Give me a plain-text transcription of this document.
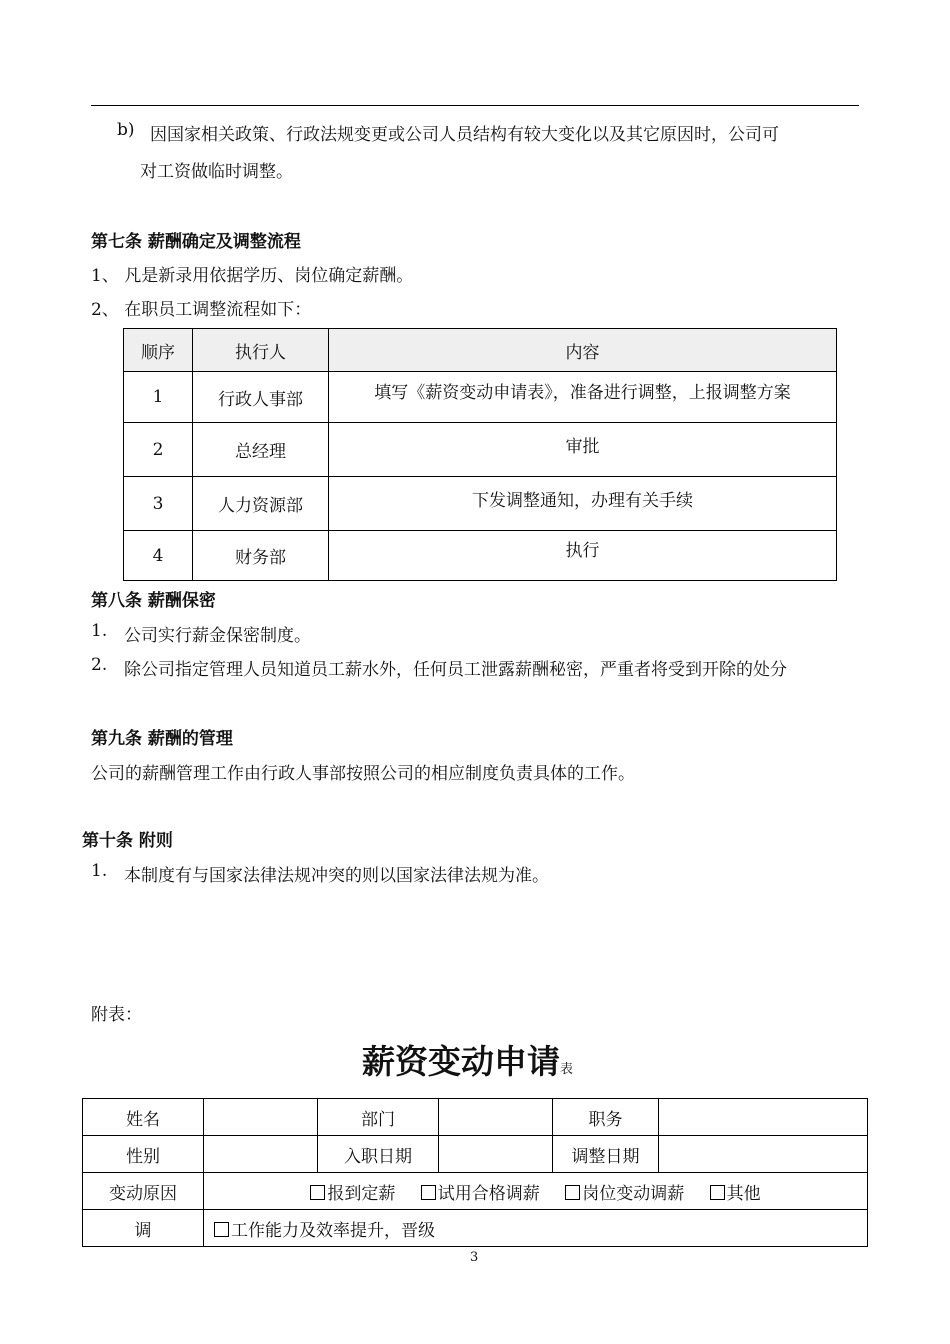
b) 因国家相关政策、行政法规变更或公司人员结构有较大变化以及其它原因时，公司可
对工资做临时调整。
第七条 薪酬确定及调整流程
1、 凡是新录用依据学历、岗位确定薪酬。
2、 在职员工调整流程如下：
顺序	执行人	内容
1	行政人事部	填写《薪资变动申请表》，准备进行调整，上报调整方案
2	总经理	审批
3	人力资源部	下发调整通知，办理有关手续
4	财务部	执行
第八条 薪酬保密
1. 公司实行薪金保密制度。
2. 除公司指定管理人员知道员工薪水外，任何员工泄露薪酬秘密，严重者将受到开除的处分
第九条 薪酬的管理
公司的薪酬管理工作由行政人事部按照公司的相应制度负责具体的工作。
第十条 附则
1. 本制度有与国家法律法规冲突的则以国家法律法规为准。
附表：
薪资变动申请表
姓名		部门		职务	
性别		入职日期		调整日期	
变动原因	报到定薪 试用合格调薪 岗位变动调薪 其他				
调	工作能力及效率提升，晋级				
3
